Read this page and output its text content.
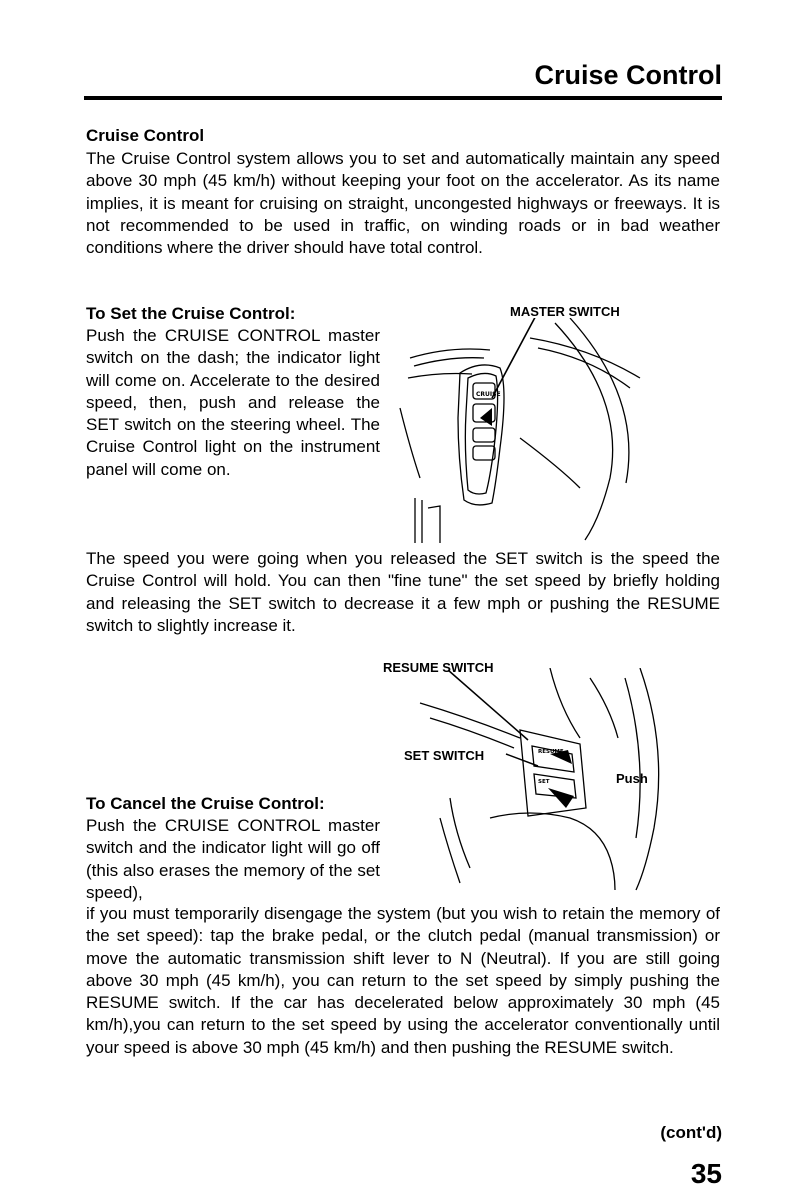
Cruise Control
Cruise Control

The Cruise Control system allows you to set and automatically maintain any speed above 30 mph (45 km/h) without keeping your foot on the accelerator. As its name implies, it is meant for cruising on straight, uncongested highways or freeways. It is not recommended to be used in traffic, on winding roads or in bad weather conditions where the driver should have total control.

To Set the Cruise Control:

Push the CRUISE CONTROL master switch on the dash; the indicator light will come on. Accelerate to the desired speed, then, push and release the SET switch on the steering wheel. The Cruise Control light on the instrument panel will come on.

The speed you were going when you released the SET switch is the speed the Cruise Control will hold. You can then "fine tune" the set speed by briefly holding and releasing the SET switch to decrease it a few mph or pushing the RESUME switch to slightly increase it.

MASTER SWITCH
CRUISE
RESUME SWITCH
SET SWITCH
Push
RESUME
SET
To Cancel the Cruise Control:

Push the CRUISE CONTROL master switch and the indicator light will go off (this also erases the memory of the set speed),

if you must temporarily disengage the system (but you wish to retain the memory of the set speed): tap the brake pedal, or the clutch pedal (manual transmission) or move the automatic transmission shift lever to N (Neutral). If you are still going above 30 mph (45 km/h), you can return to the set speed by simply pushing the RESUME switch. If the car has decelerated below approximately 30 mph (45 km/h),you can return to the set speed by using the accelerator conventionally until your speed is above 30 mph (45 km/h) and then pushing the RESUME switch.

(cont'd)
35
